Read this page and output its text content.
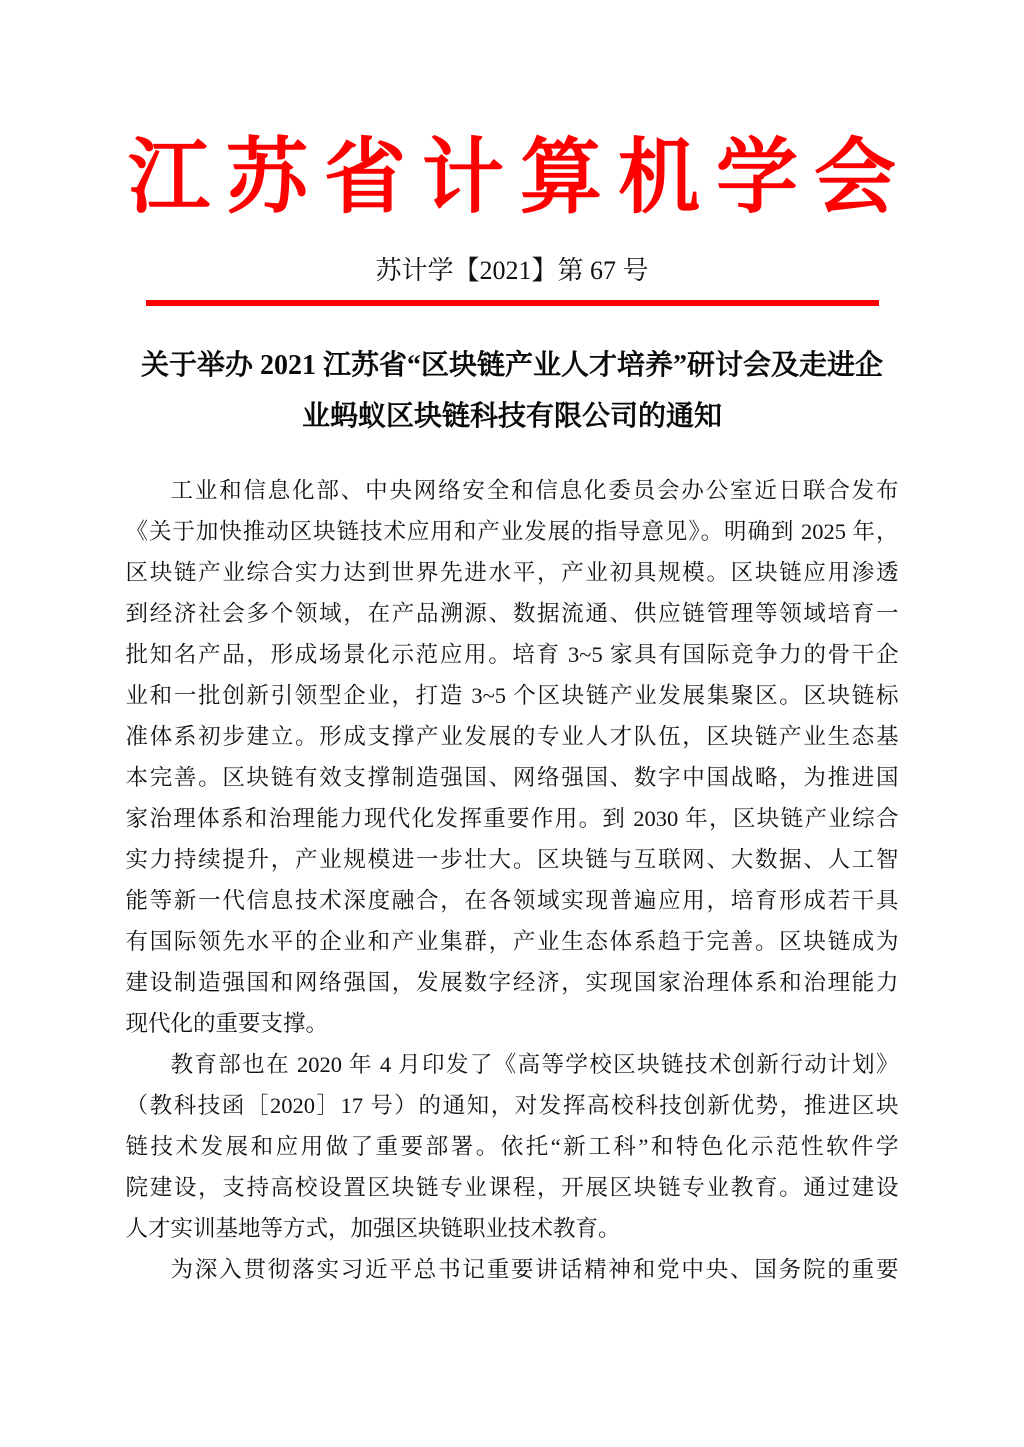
江苏省计算机学会
苏计学【2021】第 67 号
关于举办 2021 江苏省“区块链产业人才培养”研讨会及走进企
业蚂蚁区块链科技有限公司的通知
工业和信息化部、中央网络安全和信息化委员会办公室近日联合发布
《关于加快推动区块链技术应用和产业发展的指导意见》。明确到 2025 年，
区块链产业综合实力达到世界先进水平，产业初具规模。区块链应用渗透
到经济社会多个领域，在产品溯源、数据流通、供应链管理等领域培育一
批知名产品，形成场景化示范应用。培育 3~5 家具有国际竞争力的骨干企
业和一批创新引领型企业，打造 3~5 个区块链产业发展集聚区。区块链标
准体系初步建立。形成支撑产业发展的专业人才队伍，区块链产业生态基
本完善。区块链有效支撑制造强国、网络强国、数字中国战略，为推进国
家治理体系和治理能力现代化发挥重要作用。到 2030 年，区块链产业综合
实力持续提升，产业规模进一步壮大。区块链与互联网、大数据、人工智
能等新一代信息技术深度融合，在各领域实现普遍应用，培育形成若干具
有国际领先水平的企业和产业集群，产业生态体系趋于完善。区块链成为
建设制造强国和网络强国，发展数字经济，实现国家治理体系和治理能力
现代化的重要支撑。
教育部也在 2020 年 4 月印发了《高等学校区块链技术创新行动计划》
（教科技函［2020］17 号）的通知，对发挥高校科技创新优势，推进区块
链技术发展和应用做了重要部署。依托“新工科”和特色化示范性软件学
院建设，支持高校设置区块链专业课程，开展区块链专业教育。通过建设
人才实训基地等方式，加强区块链职业技术教育。
为深入贯彻落实习近平总书记重要讲话精神和党中央、国务院的重要
